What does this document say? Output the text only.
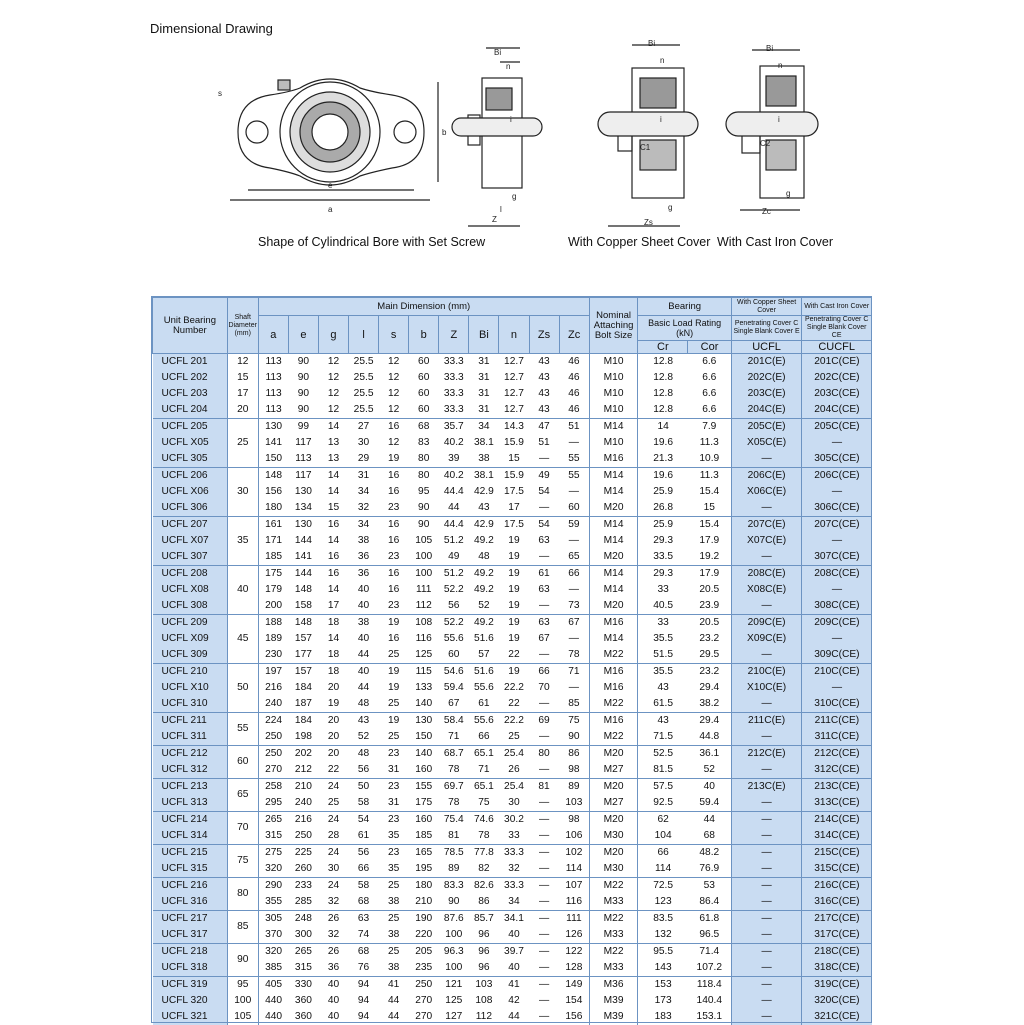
Dimensional Drawing
s
b
e
a
Bi
n
i
g
l
Z
Bi
n
i
C1
g
Zs
Bi
n
i
C2
g
Zc
Shape of Cylindrical Bore with Set Screw	With Copper Sheet Cover With Cast Iron Cover
Unit Bearing Number	Shaft Diameter (mm)	Main Dimension (mm)											Nominal Attaching Bolt Size	Bearing		With Copper Sheet Cover	With Cast Iron Cover
		a	e	g	l	s	b	Z	Bi	n	Zs	Zc		Basic Load Rating (kN)		Penetrating Cover C Single Blank Cover E	Penetrating Cover C Single Blank Cover CE
														Cr	Cor	UCFL	CUCFL
UCFL 201	12	113	90	12	25.5	12	60	33.3	31	12.7	43	46	M10	12.8	6.6	201C(E)	201C(CE)
UCFL 202	15	113	90	12	25.5	12	60	33.3	31	12.7	43	46	M10	12.8	6.6	202C(E)	202C(CE)
UCFL 203	17	113	90	12	25.5	12	60	33.3	31	12.7	43	46	M10	12.8	6.6	203C(E)	203C(CE)
UCFL 204	20	113	90	12	25.5	12	60	33.3	31	12.7	43	46	M10	12.8	6.6	204C(E)	204C(CE)
UCFL 205	25	130	99	14	27	16	68	35.7	34	14.3	47	51	M14	14	7.9	205C(E)	205C(CE)
UCFL X05		141	117	13	30	12	83	40.2	38.1	15.9	51	—	M10	19.6	11.3	X05C(E)	—
UCFL 305		150	113	13	29	19	80	39	38	15	—	55	M16	21.3	10.9	—	305C(CE)
UCFL 206	30	148	117	14	31	16	80	40.2	38.1	15.9	49	55	M14	19.6	11.3	206C(E)	206C(CE)
UCFL X06		156	130	14	34	16	95	44.4	42.9	17.5	54	—	M14	25.9	15.4	X06C(E)	—
UCFL 306		180	134	15	32	23	90	44	43	17	—	60	M20	26.8	15	—	306C(CE)
UCFL 207	35	161	130	16	34	16	90	44.4	42.9	17.5	54	59	M14	25.9	15.4	207C(E)	207C(CE)
UCFL X07		171	144	14	38	16	105	51.2	49.2	19	63	—	M14	29.3	17.9	X07C(E)	—
UCFL 307		185	141	16	36	23	100	49	48	19	—	65	M20	33.5	19.2	—	307C(CE)
UCFL 208	40	175	144	16	36	16	100	51.2	49.2	19	61	66	M14	29.3	17.9	208C(E)	208C(CE)
UCFL X08		179	148	14	40	16	111	52.2	49.2	19	63	—	M14	33	20.5	X08C(E)	—
UCFL 308		200	158	17	40	23	112	56	52	19	—	73	M20	40.5	23.9	—	308C(CE)
UCFL 209	45	188	148	18	38	19	108	52.2	49.2	19	63	67	M16	33	20.5	209C(E)	209C(CE)
UCFL X09		189	157	14	40	16	116	55.6	51.6	19	67	—	M14	35.5	23.2	X09C(E)	—
UCFL 309		230	177	18	44	25	125	60	57	22	—	78	M22	51.5	29.5	—	309C(CE)
UCFL 210	50	197	157	18	40	19	115	54.6	51.6	19	66	71	M16	35.5	23.2	210C(E)	210C(CE)
UCFL X10		216	184	20	44	19	133	59.4	55.6	22.2	70	—	M16	43	29.4	X10C(E)	—
UCFL 310		240	187	19	48	25	140	67	61	22	—	85	M22	61.5	38.2	—	310C(CE)
UCFL 211	55	224	184	20	43	19	130	58.4	55.6	22.2	69	75	M16	43	29.4	211C(E)	211C(CE)
UCFL 311		250	198	20	52	25	150	71	66	25	—	90	M22	71.5	44.8	—	311C(CE)
UCFL 212	60	250	202	20	48	23	140	68.7	65.1	25.4	80	86	M20	52.5	36.1	212C(E)	212C(CE)
UCFL 312		270	212	22	56	31	160	78	71	26	—	98	M27	81.5	52	—	312C(CE)
UCFL 213	65	258	210	24	50	23	155	69.7	65.1	25.4	81	89	M20	57.5	40	213C(E)	213C(CE)
UCFL 313		295	240	25	58	31	175	78	75	30	—	103	M27	92.5	59.4	—	313C(CE)
UCFL 214	70	265	216	24	54	23	160	75.4	74.6	30.2	—	98	M20	62	44	—	214C(CE)
UCFL 314		315	250	28	61	35	185	81	78	33	—	106	M30	104	68	—	314C(CE)
UCFL 215	75	275	225	24	56	23	165	78.5	77.8	33.3	—	102	M20	66	48.2	—	215C(CE)
UCFL 315		320	260	30	66	35	195	89	82	32	—	114	M30	114	76.9	—	315C(CE)
UCFL 216	80	290	233	24	58	25	180	83.3	82.6	33.3	—	107	M22	72.5	53	—	216C(CE)
UCFL 316		355	285	32	68	38	210	90	86	34	—	116	M33	123	86.4	—	316C(CE)
UCFL 217	85	305	248	26	63	25	190	87.6	85.7	34.1	—	111	M22	83.5	61.8	—	217C(CE)
UCFL 317		370	300	32	74	38	220	100	96	40	—	126	M33	132	96.5	—	317C(CE)
UCFL 218	90	320	265	26	68	25	205	96.3	96	39.7	—	122	M22	95.5	71.4	—	218C(CE)
UCFL 318		385	315	36	76	38	235	100	96	40	—	128	M33	143	107.2	—	318C(CE)
UCFL 319	95	405	330	40	94	41	250	121	103	41	—	149	M36	153	118.4	—	319C(CE)
UCFL 320	100	440	360	40	94	44	270	125	108	42	—	154	M39	173	140.4	—	320C(CE)
UCFL 321	105	440	360	40	94	44	270	127	112	44	—	156	M39	183	153.1	—	321C(CE)
